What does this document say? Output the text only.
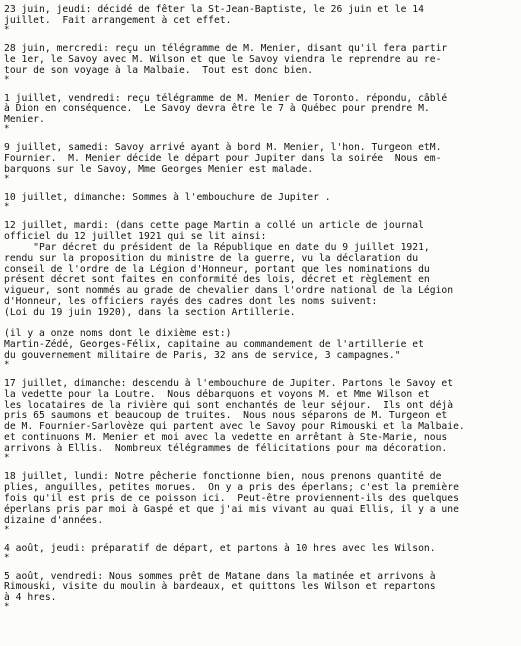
23 juin, jeudi: décidé de fêter la St-Jean-Baptiste, le 26 juin et le 14
juillet.  Fait arrangement à cet effet.
*
28 juin, mercredi: reçu un télégramme de M. Menier, disant qu'il fera partir
le 1er, le Savoy avec M. Wilson et que le Savoy viendra le reprendre au re-
tour de son voyage à la Malbaie.  Tout est donc bien.
*
1 juillet, vendredi: reçu télégramme de M. Menier de Toronto. répondu, câblé
à Dion en conséquence.  Le Savoy devra être le 7 à Québec pour prendre M.
Menier.
*
9 juillet, samedi: Savoy arrivé ayant à bord M. Menier, l'hon. Turgeon etM.
Fournier.  M. Menier décide le départ pour Jupiter dans la soirée  Nous em-
barquons sur le Savoy, Mme Georges Menier est malade.
*
10 juillet, dimanche: Sommes à l'embouchure de Jupiter .
*
12 juillet, mardi: (dans cette page Martin a collé un article de journal
officiel du 12 juillet 1921 qui se lit ainsi:
"Par décret du président de la République en date du 9 juillet 1921,
rendu sur la proposition du ministre de la guerre, vu la déclaration du
conseil de l'ordre de la Légion d'Honneur, portant que les nominations du
présent décret sont faites en conformité des lois, décret et règlement en
vigueur, sont nommés au grade de chevalier dans l'ordre national de la Légion
d'Honneur, les officiers rayés des cadres dont les noms suivent:
(Loi du 19 juin 1920), dans la section Artillerie.
(il y a onze noms dont le dixième est:)
Martin-Zédé, Georges-Félix, capitaine au commandement de l'artillerie et
du gouvernement militaire de Paris, 32 ans de service, 3 campagnes."
*
17 juillet, dimanche: descendu à l'embouchure de Jupiter. Partons le Savoy et
la vedette pour la Loutre.  Nous débarquons et voyons M. et Mme Wilson et
les locataires de la rivière qui sont enchantés de leur séjour.  Ils ont déjà
pris 65 saumons et beaucoup de truites.  Nous nous séparons de M. Turgeon et
de M. Fournier-Sarlovèze qui partent avec le Savoy pour Rimouski et la Malbaie.
et continuons M. Menier et moi avec la vedette en arrêtant à Ste-Marie, nous
arrivons à Ellis.  Nombreux télégrammes de félicitations pour ma décoration.
*
18 juillet, lundi: Notre pêcherie fonctionne bien, nous prenons quantité de
plies, anguilles, petites morues.  On y a pris des éperlans; c'est la première
fois qu'il est pris de ce poisson ici.  Peut-être proviennent-ils des quelques
éperlans pris par moi à Gaspé et que j'ai mis vivant au quai Ellis, il y a une
dizaine d'années.
*
4 août, jeudi: préparatif de départ, et partons à 10 hres avec les Wilson.
*
5 août, vendredi: Nous sommes prêt de Matane dans la matinée et arrivons à
Rimouski, visite du moulin à bardeaux, et quittons les Wilson et repartons
à 4 hres.
*
